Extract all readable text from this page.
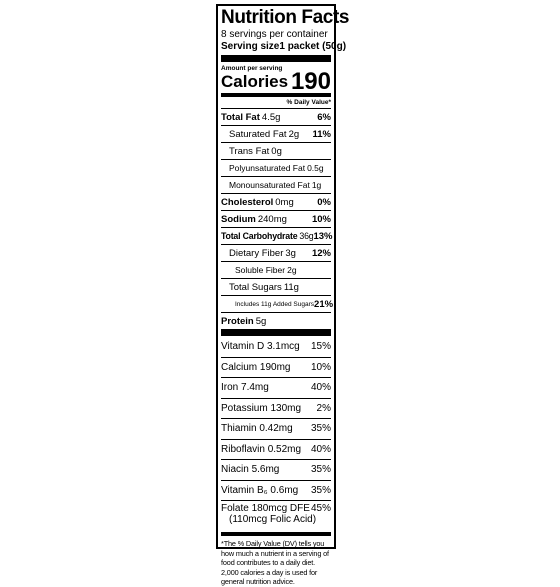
Nutrition Facts
8 servings per container
Serving size 1 packet (50g)
Amount per serving
Calories 190
% Daily Value*
Total Fat 4.5g	6%
Saturated Fat 2g 11%
Trans Fat 0g
Polyunsaturated Fat 0.5g
Monounsaturated Fat 1g
Cholesterol 0mg 0%
Sodium 240mg	10%
Total Carbohydrate 36g 13%
Dietary Fiber 3g 12%
Soluble Fiber 2g
Total Sugars 11g
Includes 11g Added Sugars 21%
Protein 5g
Vitamin D 3.1mcg 15%
Calcium 190mg 10%
Iron 7.4mg	40%
Potassium 130mg 2%
Thiamin 0.42mg 35%
Riboflavin 0.52mg 40%
Niacin 5.6mg	35%
Vitamin B₆ 0.6mg 35%
Folate 180mcg DFE
(110mcg Folic Acid)
45%
*The % Daily Value (DV) tells you how much a nutrient in a serving of food contributes to a daily diet. 2,000 calories a day is used for general nutrition advice.
